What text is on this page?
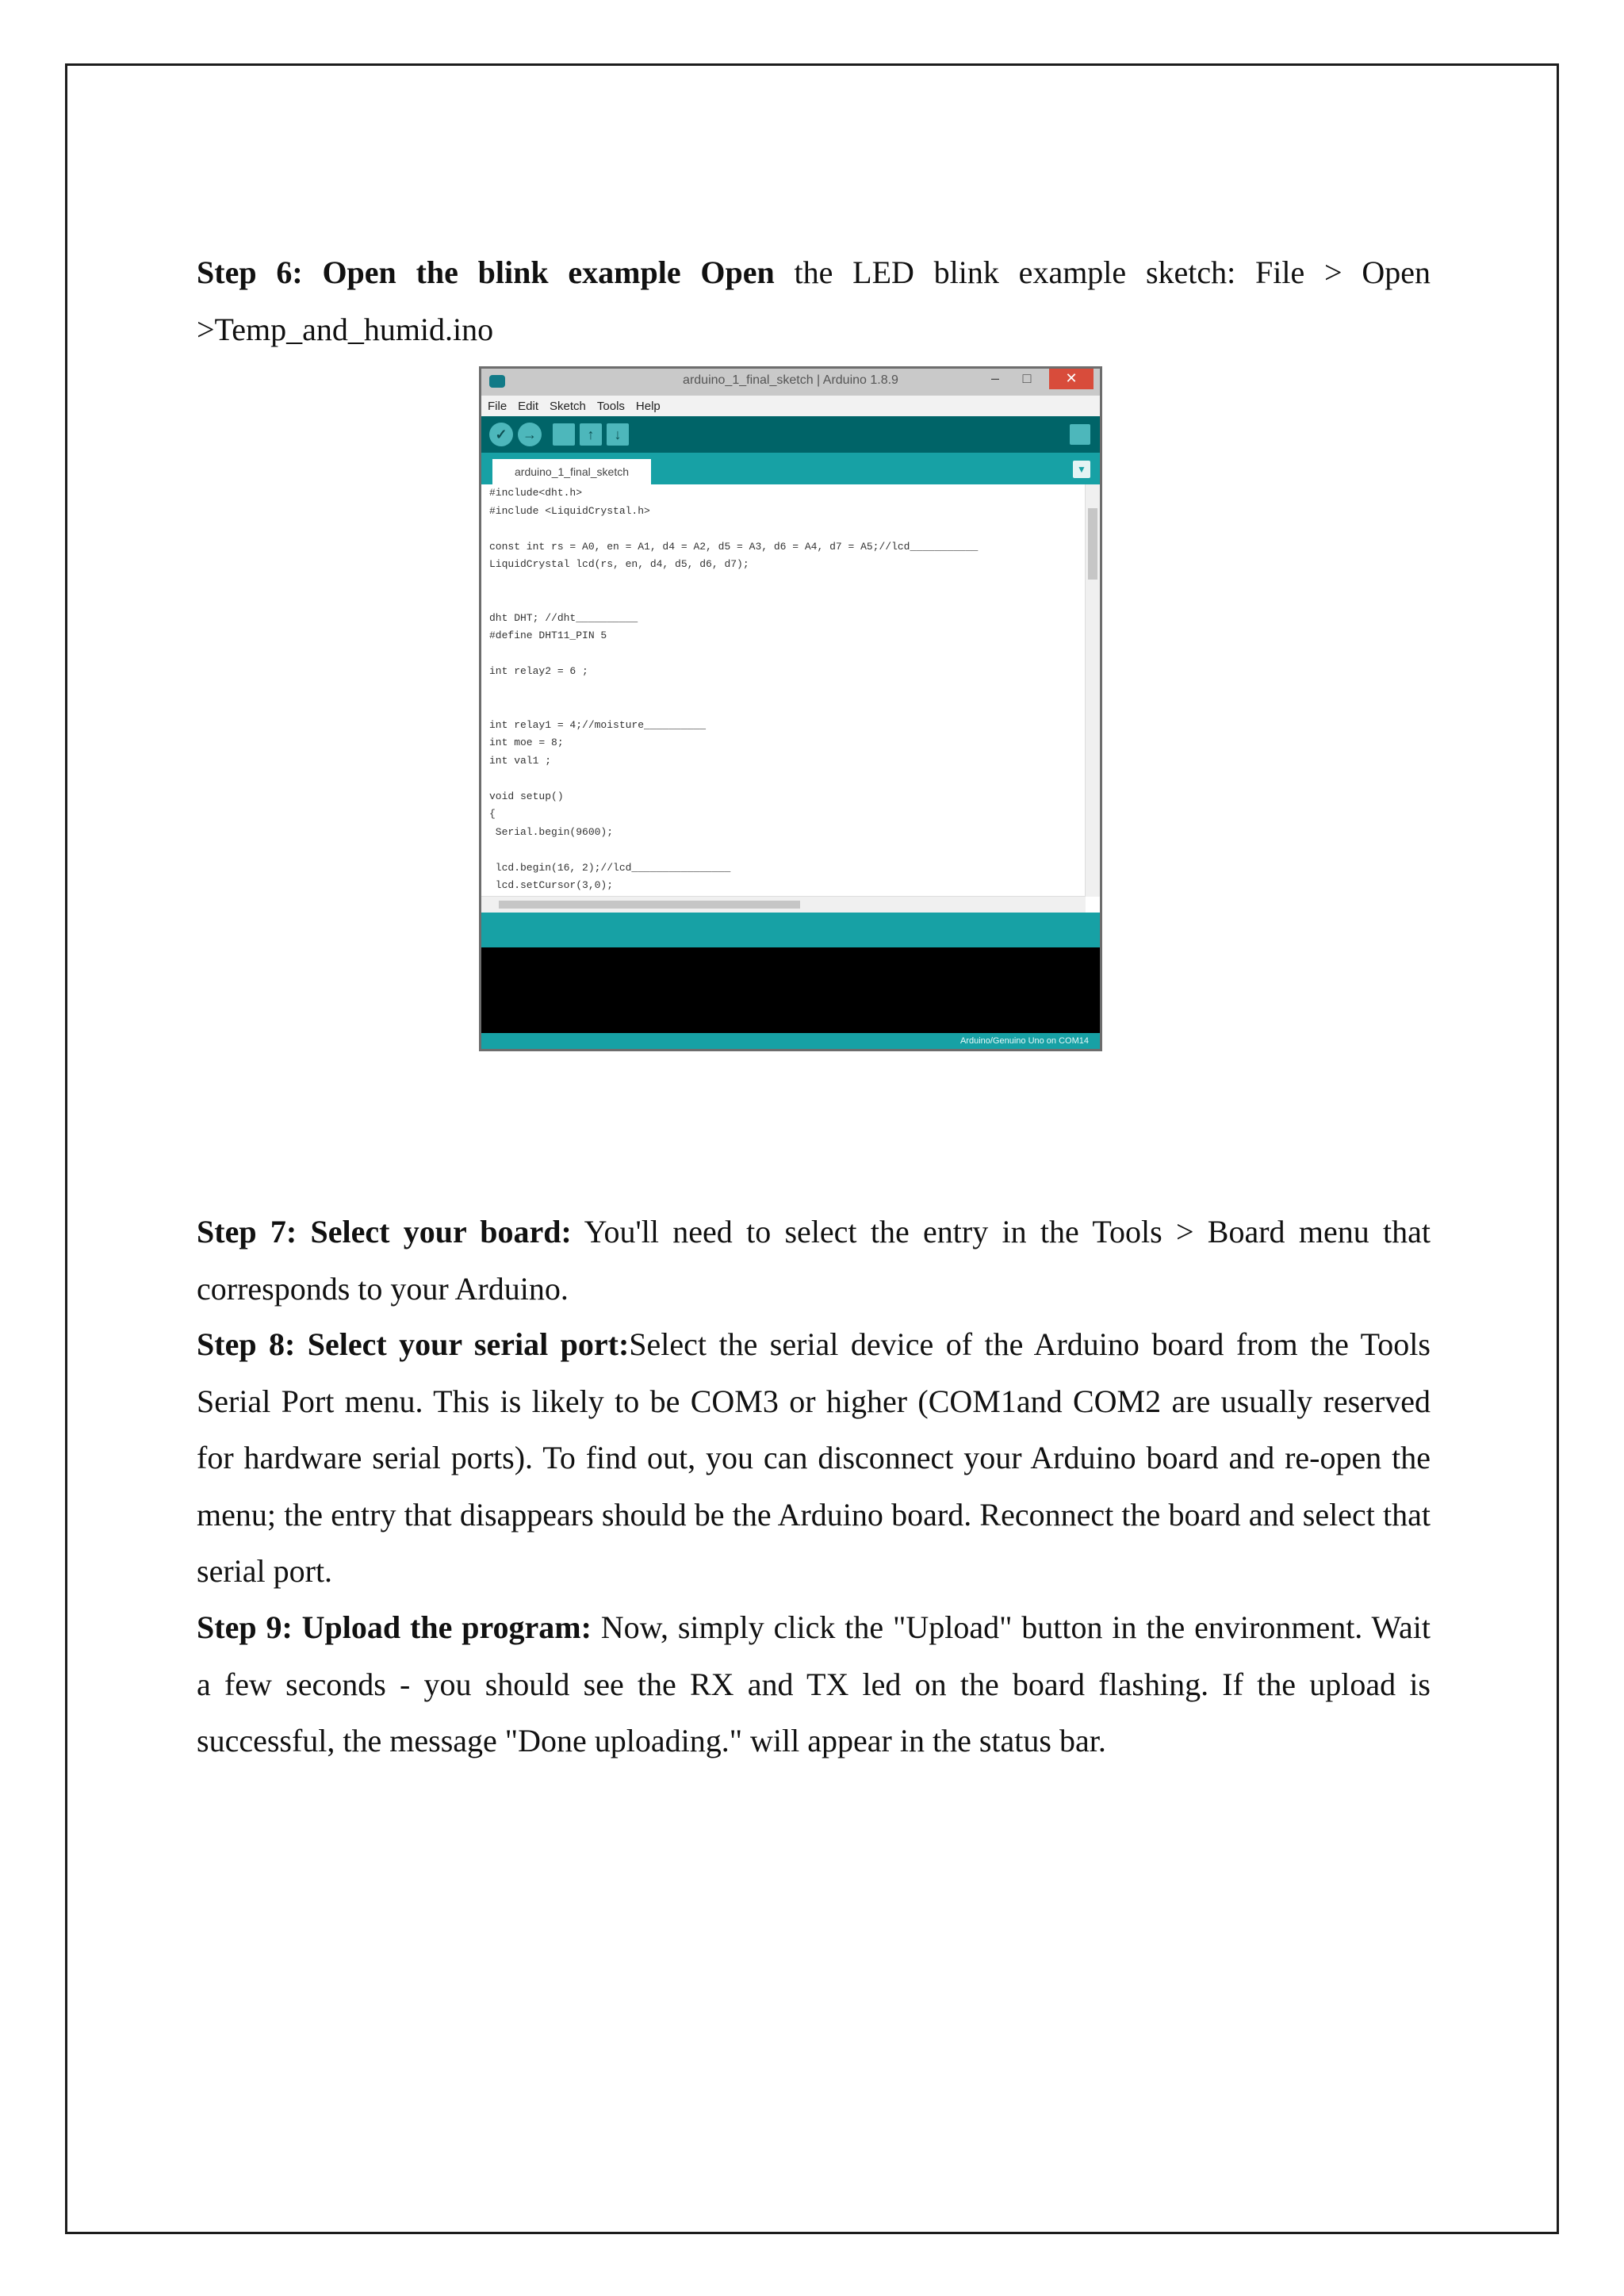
Step 6: Open the blink example Open the LED blink example sketch: File > Open >Temp_and_humid.ino

arduino_1_final_sketch | Arduino 1.8.9	–	□	✕
File Edit Sketch Tools Help
✓	→	↑	↓
arduino_1_final_sketch	▼
#include<dht.h>
#include <LiquidCrystal.h>
const int rs = A0, en = A1, d4 = A2, d5 = A3, d6 = A4, d7 = A5;//lcd___________
LiquidCrystal lcd(rs, en, d4, d5, d6, d7);
dht DHT; //dht__________
#define DHT11_PIN 5
int relay2 = 6 ;
int relay1 = 4;//moisture__________
int moe = 8;
int val1 ;
void setup()
{
Serial.begin(9600);
lcd.begin(16, 2);//lcd________________
lcd.setCursor(3,0);
Arduino/Genuino Uno on COM14

Step 7: Select your board: You'll need to select the entry in the Tools > Board menu that corresponds to your Arduino.

Step 8: Select your serial port:Select the serial device of the Arduino board from the Tools Serial Port menu. This is likely to be COM3 or higher (COM1and COM2 are usually reserved for hardware serial ports). To find out, you can disconnect your Arduino board and re-open the menu; the entry that disappears should be the Arduino board. Reconnect the board and select that serial port.

Step 9: Upload the program: Now, simply click the "Upload" button in the environment. Wait a few seconds - you should see the RX and TX led on the board flashing. If the upload is successful, the message "Done uploading." will appear in the status bar.
